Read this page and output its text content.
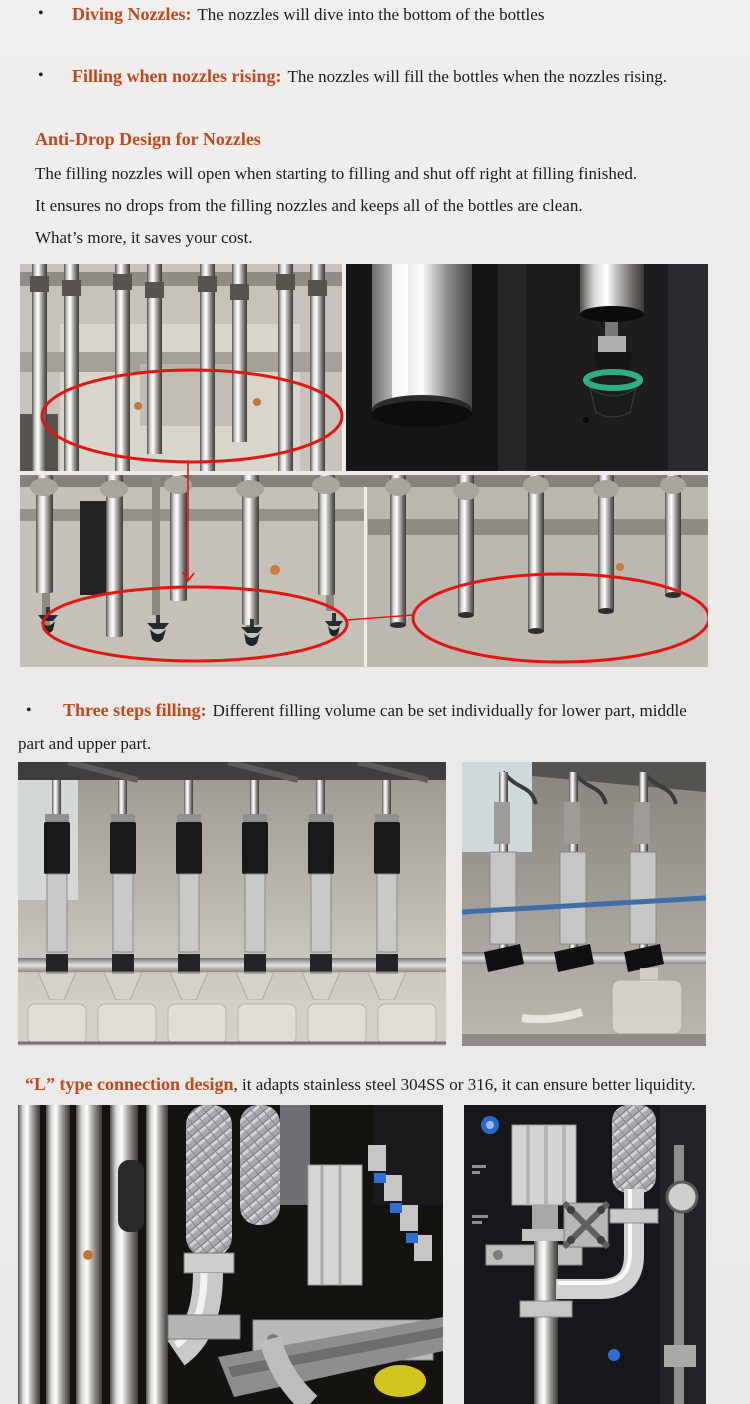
• Diving Nozzles: The nozzles will dive into the bottom of the bottles
• Filling when nozzles rising: The nozzles will fill the bottles when the nozzles rising.
Anti-Drop Design for Nozzles

The filling nozzles will open when starting to filling and shut off right at filling finished.

It ensures no drops from the filling nozzles and keeps all of the bottles are clean.

What’s more, it saves your cost.

•	Three steps filling: Different filling volume can be set individually for lower part, middle part and upper part.

“L” type connection design, it adapts stainless steel 304SS or 316, it can ensure better liquidity.
